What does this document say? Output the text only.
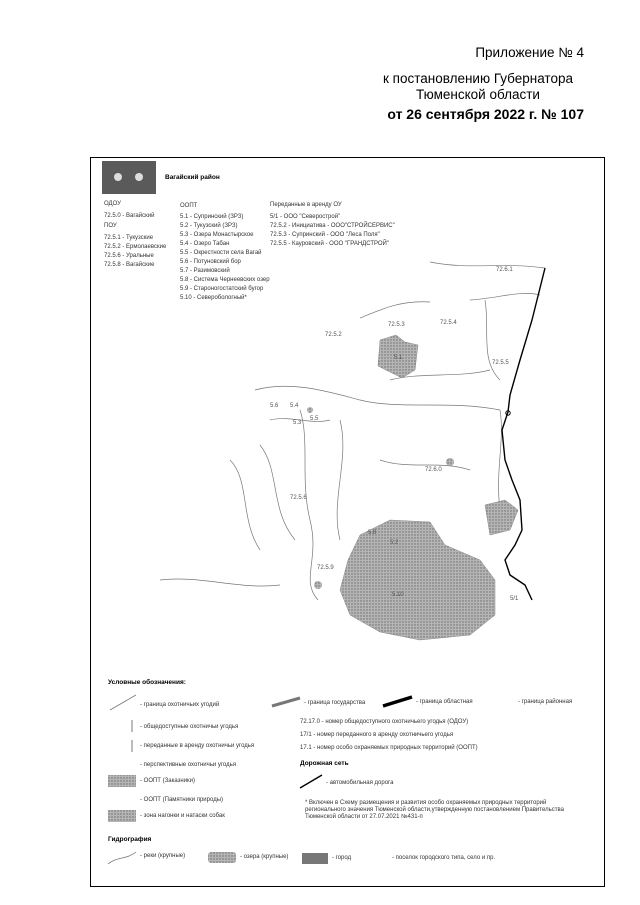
Приложение № 4
к постановлению Губернатора
Тюменской области
от 26 сентября 2022 г. № 107
Вагайский район
ОДОУ
72.5.0 - Вагайский
ПОУ
72.5.1 - Тукузские
72.5.2 - Ермолаевские
72.5.6 - Уральные
72.5.8 - Вагайские
ООПТ
5.1 - Супринский (ЗРЗ)
5.2 - Тукузский (ЗРЗ)
5.3 - Озера Монастырское
5.4 - Озеро Табан
5.5 - Окрестности села Вагай
5.6 - Потуновский бор
5.7 - Разимовский
5.8 - Система Чернеевских озер
5.9 - Староногостатский бугор
5.10 - Северобологный*
Переданные в аренду ОУ
5/1 - ООО "Северострой"
72.5.2 - Инициатива - ООО"СТРОЙСЕРВИС"
72.5.3 - Супринский - ООО "Леса Поля"
72.5.5 - Кауровский - ООО "ГРАНДСТРОЙ"
72.6.1
72.5.3	72.5.4
72.5.2
72.5.5
5.1
5.6 5.4
5.5
5.3
72.6.0
72.5.6
5.8
5.2
72.5.9
5.10
5/1
Условные обозначения:
- граница охотничьих угодий	- граница государства	- граница областная	- граница районная
- общедоступные охотничьи угодья
- переданные в аренду охотничьи угодья
- перспективные охотничьи угодья
- ООПТ (Заказники)
- ООПТ (Памятники природы)
- зона нагонки и натаски собак
72.17.0 - номер общедоступного охотничьего угодья (ОДОУ)
17/1 - номер переданного в аренду охотничьего угодья
17.1 - номер особо охраняемых природных территорий (ООПТ)
Дорожная сеть
- автомобильная дорога
* Включен в Схему размещения и развития особо охраняемых природных территорий регионального значения Тюменской области,утвержденную постановлением Правительства Тюменской области от 27.07.2021 №431-п
Гидрография
- реки (крупные)	- озера (крупные)	- город	- поселок городского типа, село и пр.
